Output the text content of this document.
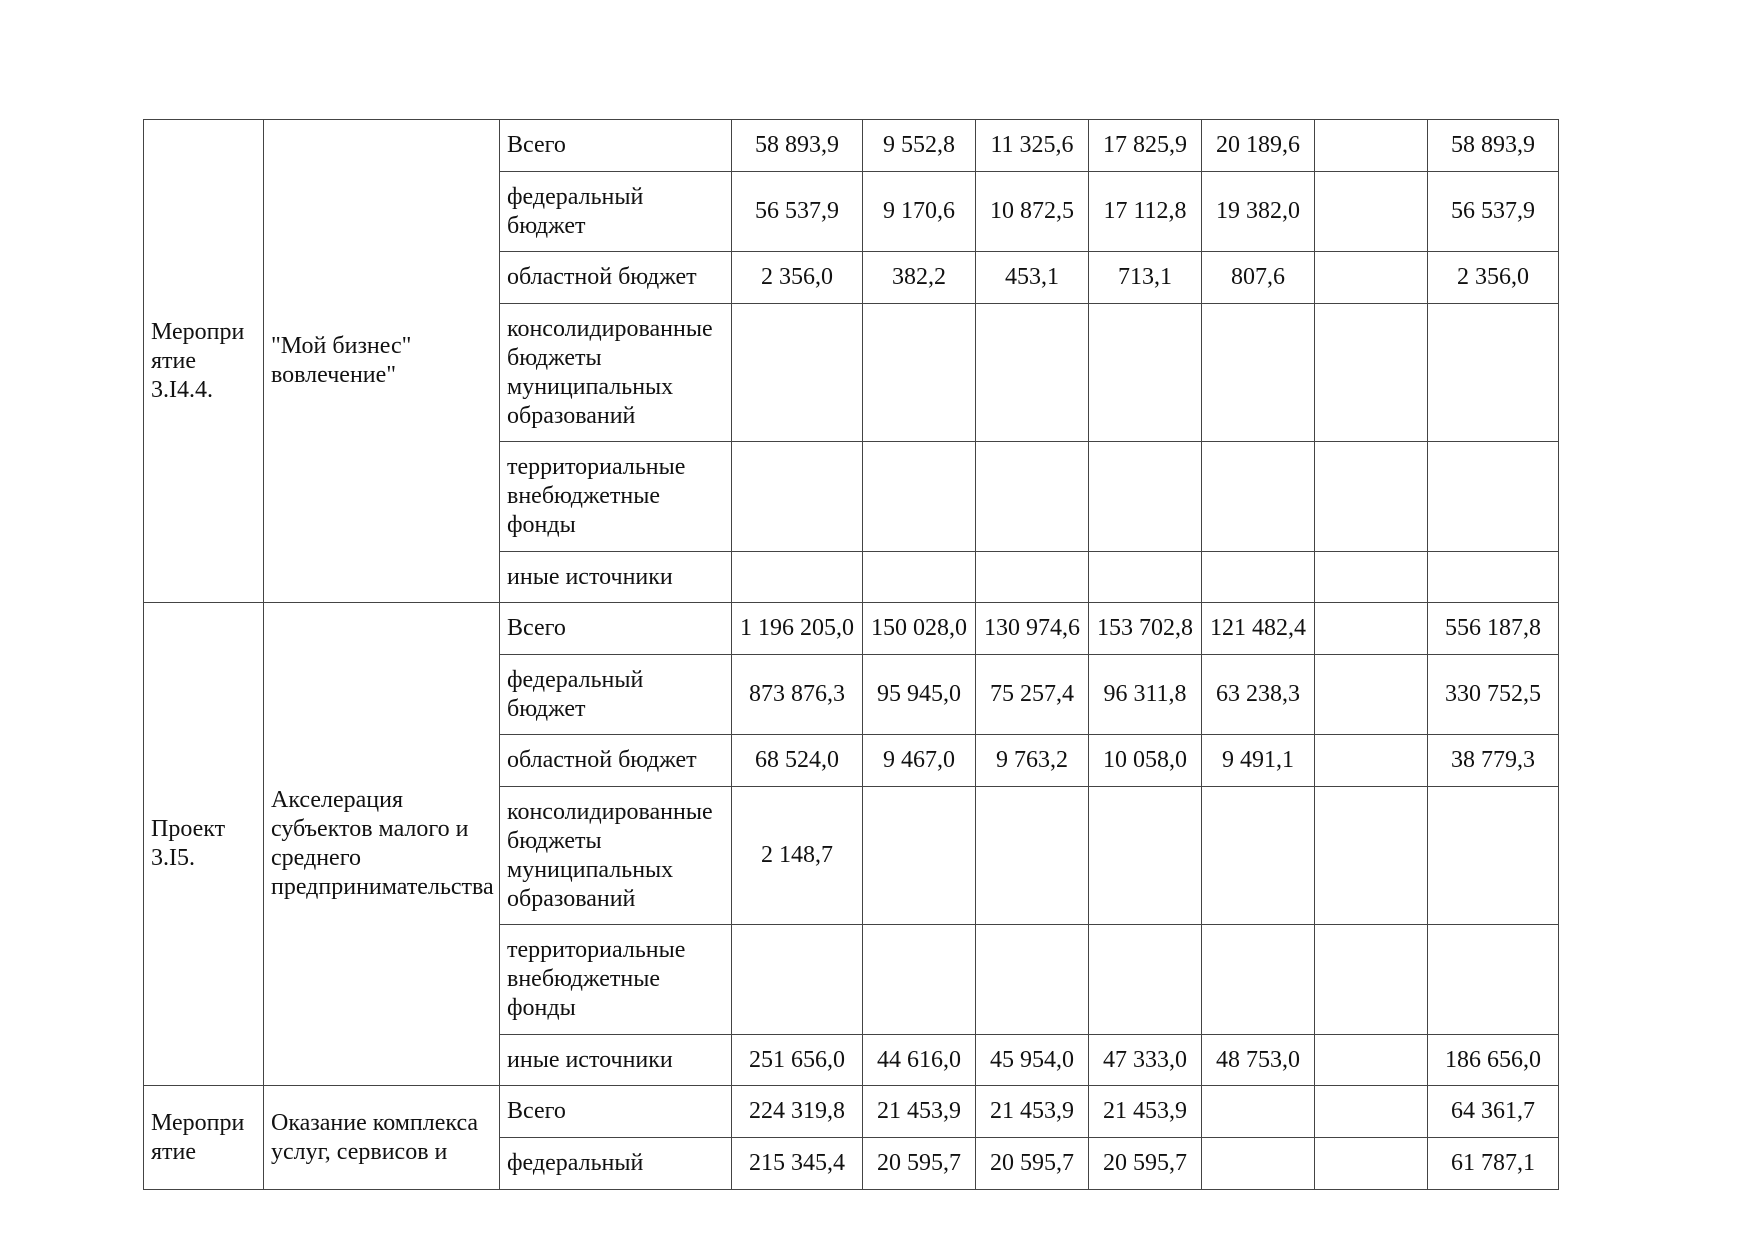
Меропри
ятие
3.I4.4.	"Мой бизнес" вовлечение"	Всего	58 893,9	9 552,8	11 325,6	17 825,9	20 189,6		58 893,9
		федеральный бюджет	56 537,9	9 170,6	10 872,5	17 112,8	19 382,0		56 537,9
		областной бюджет	2 356,0	382,2	453,1	713,1	807,6		2 356,0
		консолидированные бюджеты муниципальных образований							
		территориальные внебюджетные фонды							
		иные источники							
Проект 3.I5.	Акселерация субъектов малого и среднего предпринимательства	Всего	1 196 205,0	150 028,0	130 974,6	153 702,8	121 482,4		556 187,8
		федеральный бюджет	873 876,3	95 945,0	75 257,4	96 311,8	63 238,3		330 752,5
		областной бюджет	68 524,0	9 467,0	9 763,2	10 058,0	9 491,1		38 779,3
		консолидированные бюджеты муниципальных образований	2 148,7						
		территориальные внебюджетные фонды							
		иные источники	251 656,0	44 616,0	45 954,0	47 333,0	48 753,0		186 656,0
Меропри
ятие	Оказание комплекса услуг, сервисов и	Всего	224 319,8	21 453,9	21 453,9	21 453,9			64 361,7
		федеральный	215 345,4	20 595,7	20 595,7	20 595,7			61 787,1
